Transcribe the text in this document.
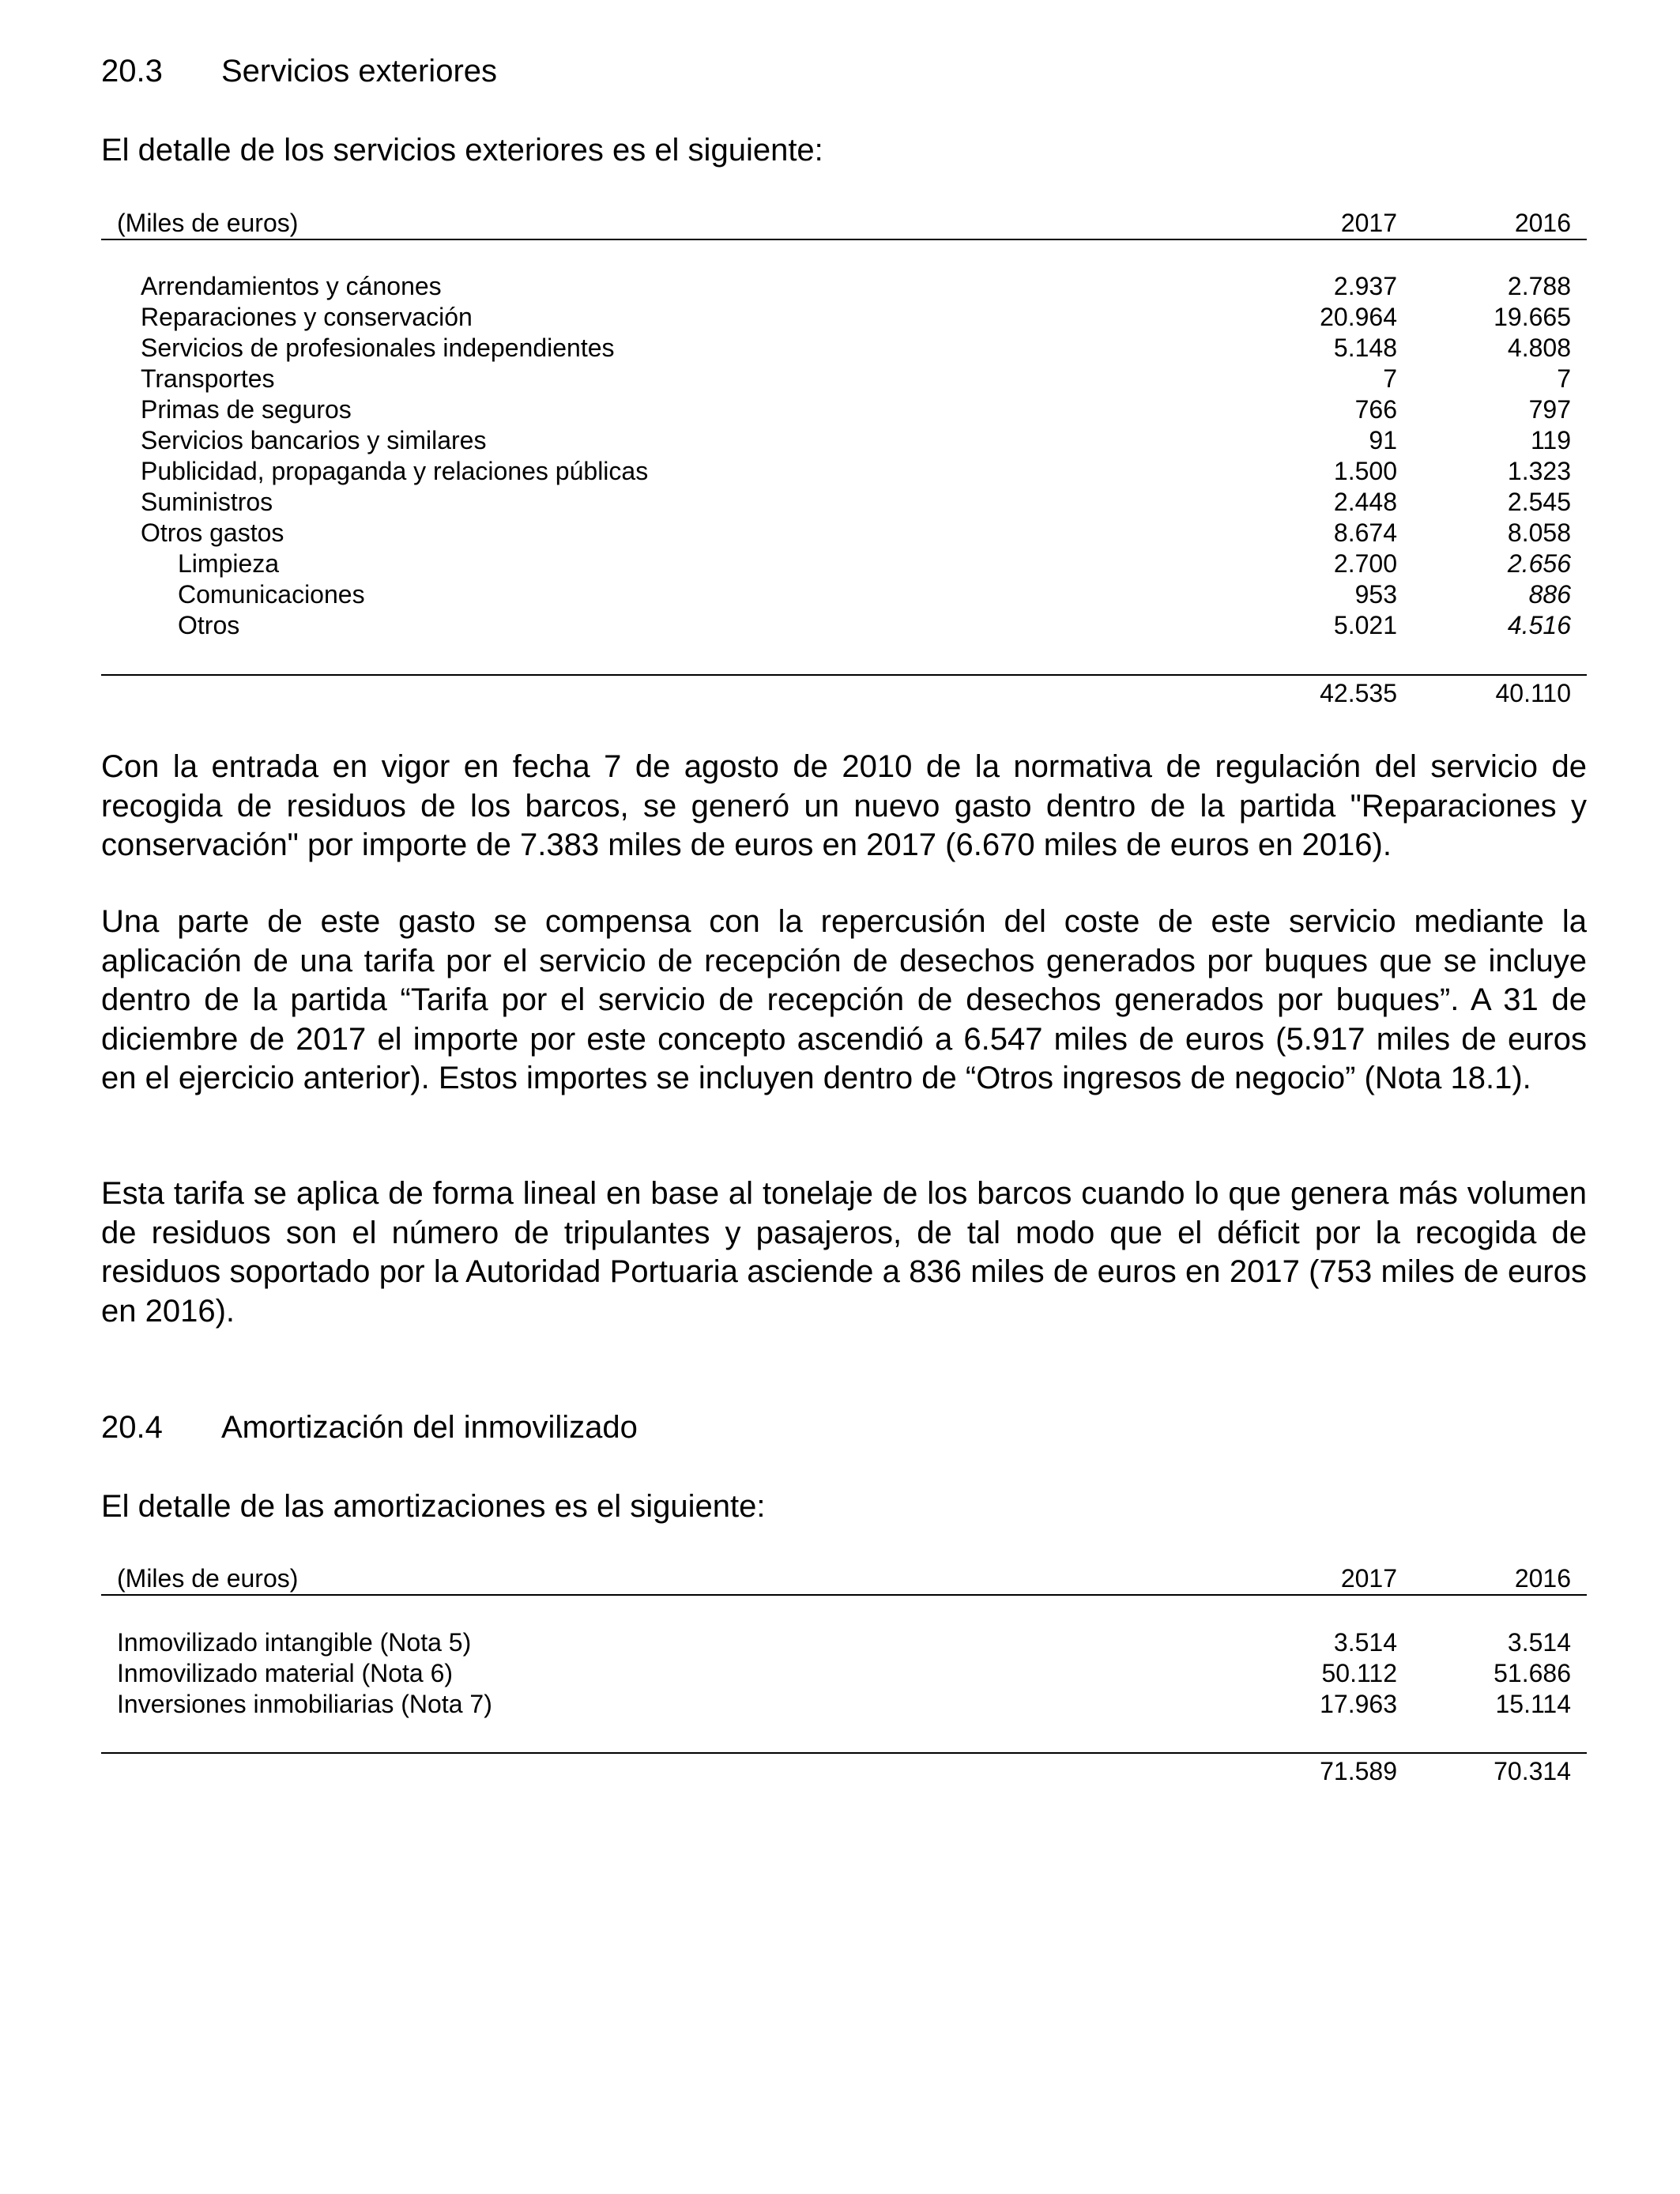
20.3 Servicios exteriores
El detalle de los servicios exteriores es el siguiente:
(Miles de euros)	2017	2016
Arrendamientos y cánones	2.937	2.788
Reparaciones y conservación	20.964	19.665
Servicios de profesionales independientes	5.148	4.808
Transportes	7	7
Primas de seguros	766	797
Servicios bancarios y similares	91	119
Publicidad, propaganda y relaciones públicas	1.500	1.323
Suministros	2.448	2.545
Otros gastos	8.674	8.058
Limpieza	2.700	2.656
Comunicaciones	953	886
Otros	5.021	4.516
42.535	40.110

Con la entrada en vigor en fecha 7 de agosto de 2010 de la normativa de regulación del servicio de recogida de residuos de los barcos, se generó un nuevo gasto dentro de la partida "Reparaciones y conservación" por importe de 7.383 miles de euros en 2017 (6.670 miles de euros en 2016).

Una parte de este gasto se compensa con la repercusión del coste de este servicio mediante la aplicación de una tarifa por el servicio de recepción de desechos generados por buques que se incluye dentro de la partida “Tarifa por el servicio de recepción de desechos generados por buques”. A 31 de diciembre de 2017 el importe por este concepto ascendió a 6.547 miles de euros (5.917 miles de euros en el ejercicio anterior). Estos importes se incluyen dentro de “Otros ingresos de negocio” (Nota 18.1).

Esta tarifa se aplica de forma lineal en base al tonelaje de los barcos cuando lo que genera más volumen de residuos son el número de tripulantes y pasajeros, de tal modo que el déficit por la recogida de residuos soportado por la Autoridad Portuaria asciende a 836 miles de euros en 2017 (753 miles de euros en 2016).

20.4 Amortización del inmovilizado
El detalle de las amortizaciones es el siguiente:
(Miles de euros)	2017	2016
Inmovilizado intangible (Nota 5)	3.514	3.514
Inmovilizado material (Nota 6)	50.112	51.686
Inversiones inmobiliarias (Nota 7)	17.963	15.114
71.589	70.314
